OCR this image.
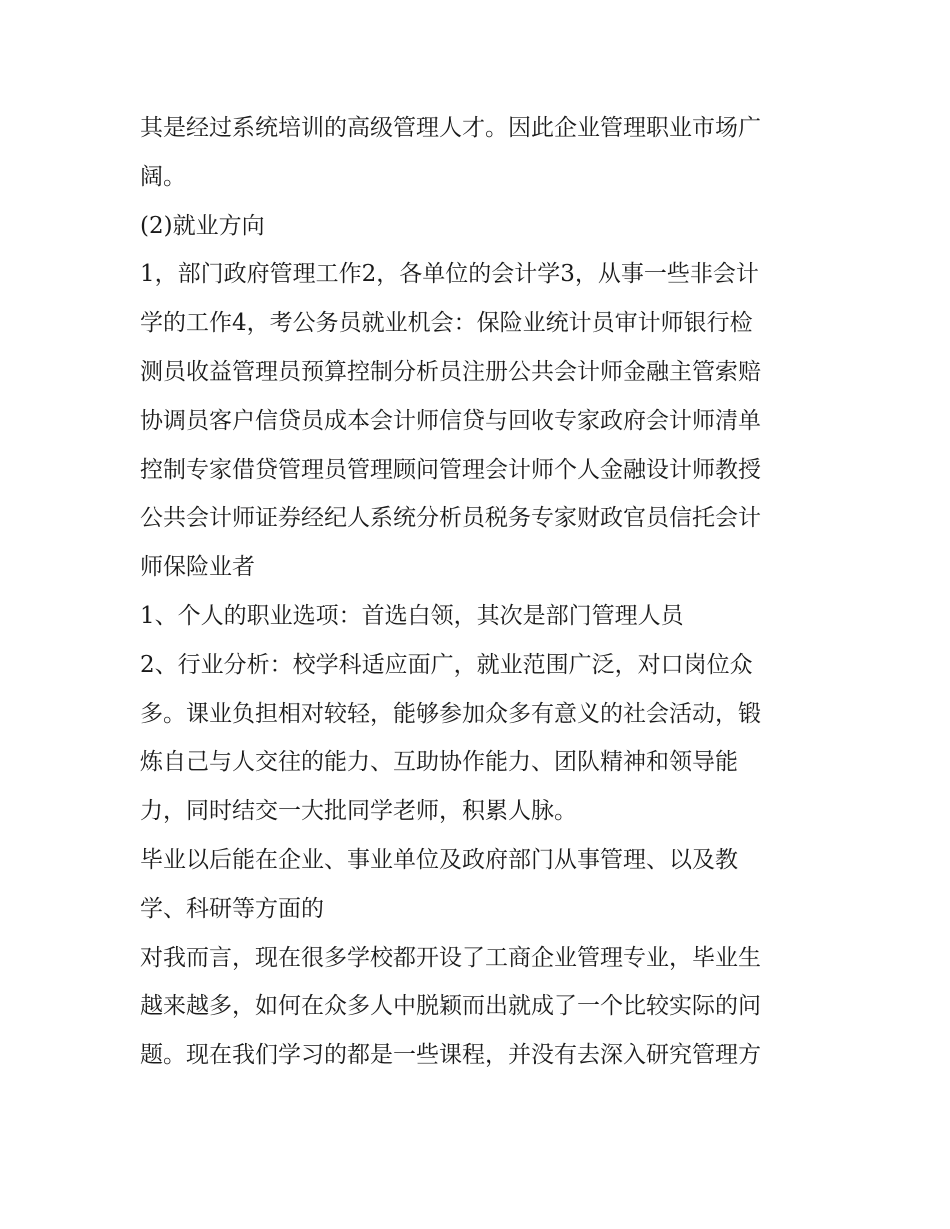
其是经过系统培训的高级管理人才。因此企业管理职业市场广
阔。
(2)就业方向
1，部门政府管理工作2，各单位的会计学3，从事一些非会计
学的工作4，考公务员就业机会：保险业统计员审计师银行检
测员收益管理员预算控制分析员注册公共会计师金融主管索赔
协调员客户信贷员成本会计师信贷与回收专家政府会计师清单
控制专家借贷管理员管理顾问管理会计师个人金融设计师教授
公共会计师证券经纪人系统分析员税务专家财政官员信托会计
师保险业者
1、个人的职业选项：首选白领，其次是部门管理人员
2、行业分析：校学科适应面广，就业范围广泛，对口岗位众
多。课业负担相对较轻，能够参加众多有意义的社会活动，锻
炼自己与人交往的能力、互助协作能力、团队精神和领导能
力，同时结交一大批同学老师，积累人脉。
毕业以后能在企业、事业单位及政府部门从事管理、以及教
学、科研等方面的
对我而言，现在很多学校都开设了工商企业管理专业，毕业生
越来越多，如何在众多人中脱颖而出就成了一个比较实际的问
题。现在我们学习的都是一些课程，并没有去深入研究管理方
